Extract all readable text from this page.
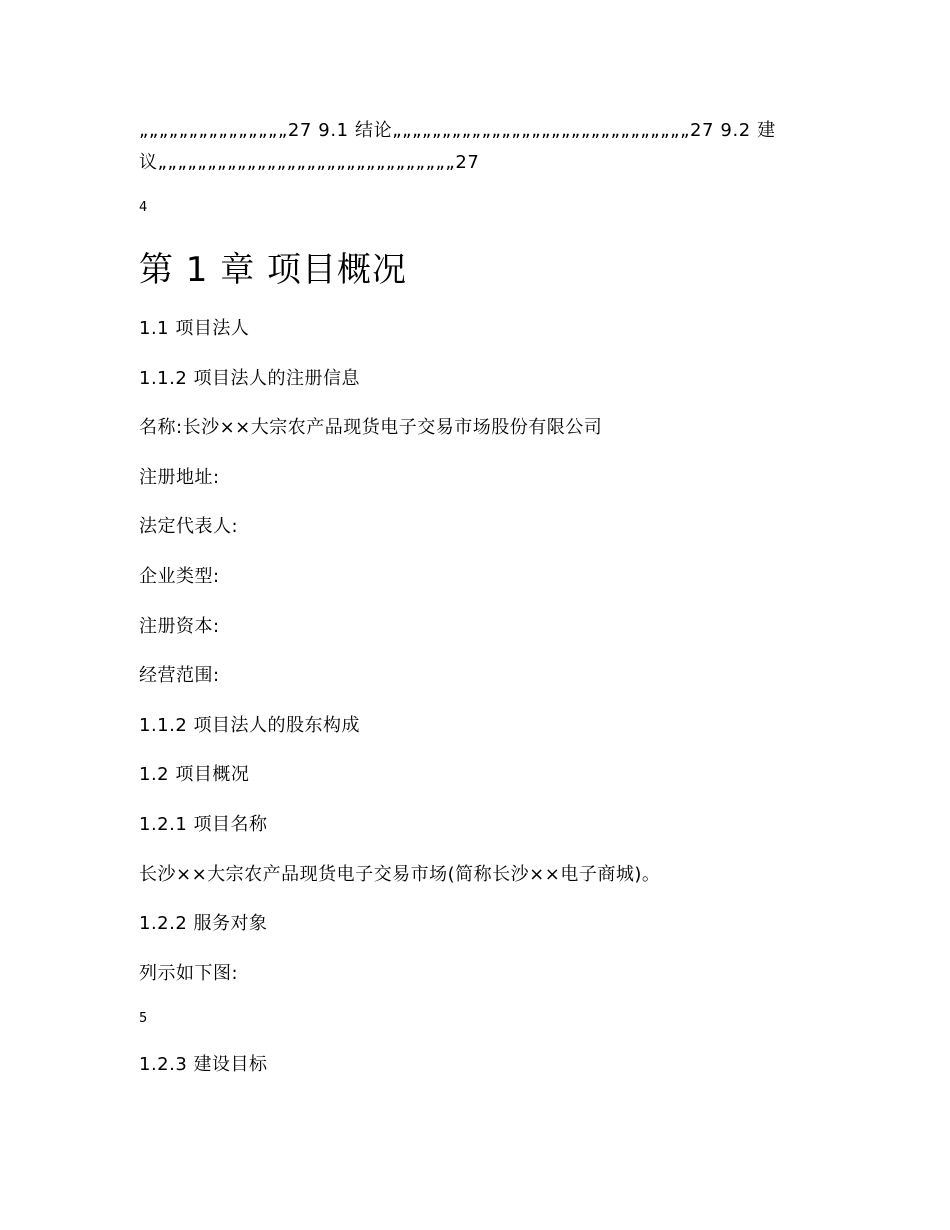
„„„„„„„„„„„„„„„27 9.1 结论„„„„„„„„„„„„„„„„„„„„„„„„„„„„„„27 9.2 建
议„„„„„„„„„„„„„„„„„„„„„„„„„„„„„„27
4
第 1 章 项目概况
1.1 项目法人
1.1.2 项目法人的注册信息
名称:长沙××大宗农产品现货电子交易市场股份有限公司
注册地址:
法定代表人:
企业类型:
注册资本:
经营范围:
1.1.2 项目法人的股东构成
1.2 项目概况
1.2.1 项目名称
长沙××大宗农产品现货电子交易市场(简称长沙××电子商城)。
1.2.2 服务对象
列示如下图:
5
1.2.3 建设目标
